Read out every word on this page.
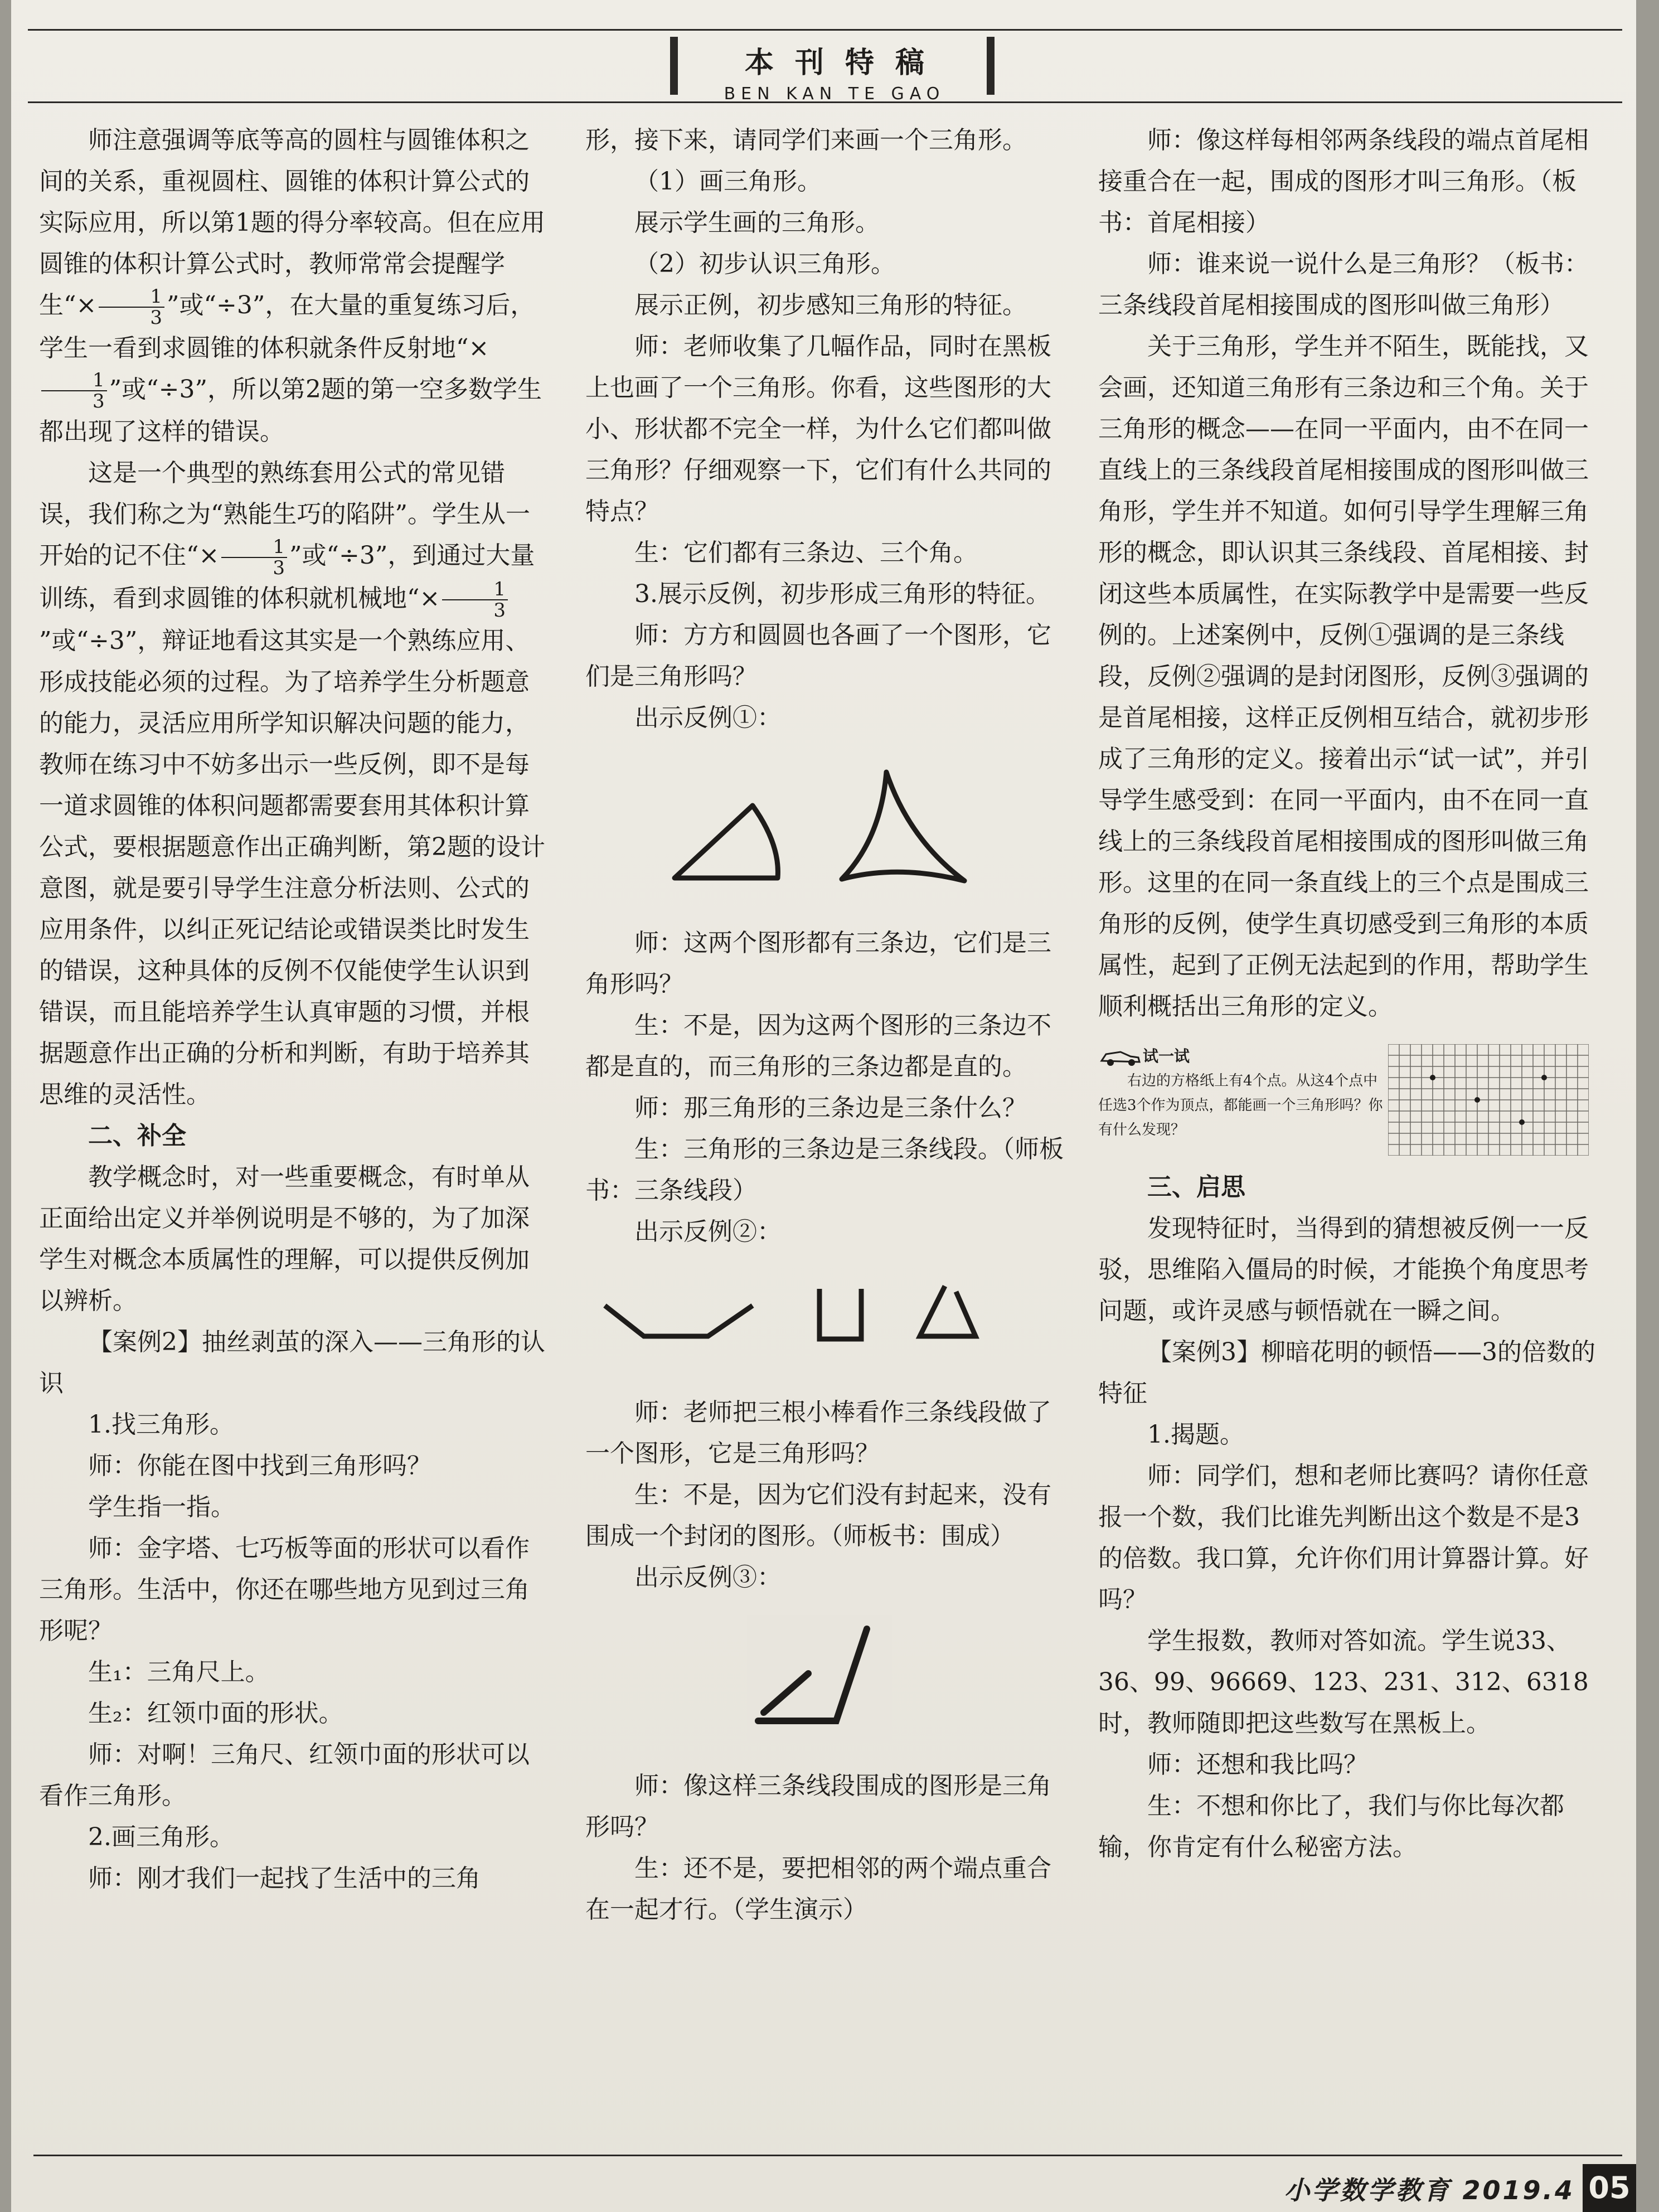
本刊特稿
BEN KAN TE GAO

师注意强调等底等高的圆柱与圆锥体积之间的关系，重视圆柱、圆锥的体积计算公式的实际应用，所以第1题的得分率较高。但在应用圆锥的体积计算公式时，教师常常会提醒学生“× $\frac{1}{3}$ ”或“÷3”，在大量的重复练习后，学生一看到求圆锥的体积就条件反射地“×
$\frac{1}{3}$ ”或“÷3”，所以第2题的第一空多数学生都出现了这样的错误。

这是一个典型的熟练套用公式的常见错误，我们称之为“熟能生巧的陷阱”。学生从一开始的记不住“× $\frac{1}{3}$ ”或“÷3”，到通过大量训练，看到求圆锥的体积就机械地“× $\frac{1}{3}$
”或“÷3”，辩证地看这其实是一个熟练应用、形成技能必须的过程。为了培养学生分析题意的能力，灵活应用所学知识解决问题的能力，教师在练习中不妨多出示一些反例，即不是每一道求圆锥的体积问题都需要套用其体积计算公式，要根据题意作出正确判断，第2题的设计意图，就是要引导学生注意分析法则、公式的应用条件，以纠正死记结论或错误类比时发生的错误，这种具体的反例不仅能使学生认识到错误，而且能培养学生认真审题的习惯，并根据题意作出正确的分析和判断，有助于培养其思维的灵活性。

二、补全

教学概念时，对一些重要概念，有时单从正面给出定义并举例说明是不够的，为了加深学生对概念本质属性的理解，可以提供反例加以辨析。

【案例2】抽丝剥茧的深入——三角形的认识

1.找三角形。

师：你能在图中找到三角形吗？

学生指一指。

师：金字塔、七巧板等面的形状可以看作三角形。生活中，你还在哪些地方见到过三角形呢？

生₁：三角尺上。

生₂：红领巾面的形状。

师：对啊！三角尺、红领巾面的形状可以看作三角形。

2.画三角形。

师：刚才我们一起找了生活中的三角

形，接下来，请同学们来画一个三角形。

（1）画三角形。

展示学生画的三角形。

（2）初步认识三角形。

展示正例，初步感知三角形的特征。

师：老师收集了几幅作品，同时在黑板上也画了一个三角形。你看，这些图形的大小、形状都不完全一样，为什么它们都叫做三角形？仔细观察一下，它们有什么共同的特点？

生：它们都有三条边、三个角。

3.展示反例，初步形成三角形的特征。

师：方方和圆圆也各画了一个图形，它们是三角形吗？

出示反例①：

师：这两个图形都有三条边，它们是三角形吗？

生：不是，因为这两个图形的三条边不都是直的，而三角形的三条边都是直的。

师：那三角形的三条边是三条什么？

生：三角形的三条边是三条线段。（师板书：三条线段）

出示反例②：

师：老师把三根小棒看作三条线段做了一个图形，它是三角形吗？

生：不是，因为它们没有封起来，没有围成一个封闭的图形。（师板书：围成）

出示反例③：

师：像这样三条线段围成的图形是三角形吗？

生：还不是，要把相邻的两个端点重合在一起才行。（学生演示）

师：像这样每相邻两条线段的端点首尾相接重合在一起，围成的图形才叫三角形。（板书：首尾相接）

师：谁来说一说什么是三角形？（板书：三条线段首尾相接围成的图形叫做三角形）

关于三角形，学生并不陌生，既能找，又会画，还知道三角形有三条边和三个角。关于三角形的概念——在同一平面内，由不在同一直线上的三条线段首尾相接围成的图形叫做三角形，学生并不知道。如何引导学生理解三角形的概念，即认识其三条线段、首尾相接、封闭这些本质属性，在实际教学中是需要一些反例的。上述案例中，反例①强调的是三条线段，反例②强调的是封闭图形，反例③强调的是首尾相接，这样正反例相互结合，就初步形成了三角形的定义。接着出示“试一试”，并引导学生感受到：在同一平面内，由不在同一直线上的三条线段首尾相接围成的图形叫做三角形。这里的在同一条直线上的三个点是围成三角形的反例，使学生真切感受到三角形的本质属性，起到了正例无法起到的作用，帮助学生顺利概括出三角形的定义。

试一试
右边的方格纸上有4个点。从这4个点中任选3个作为顶点，都能画一个三角形吗？你有什么发现？

三、启思

发现特征时，当得到的猜想被反例一一反驳，思维陷入僵局的时候，才能换个角度思考问题，或许灵感与顿悟就在一瞬之间。

【案例3】柳暗花明的顿悟——3的倍数的特征

1.揭题。

师：同学们，想和老师比赛吗？请你任意报一个数，我们比谁先判断出这个数是不是3的倍数。我口算，允许你们用计算器计算。好吗？

学生报数，教师对答如流。学生说33、36、99、96669、123、231、312、6318时，教师随即把这些数写在黑板上。

师：还想和我比吗？

生：不想和你比了，我们与你比每次都输，你肯定有什么秘密方法。

小学数学教育 2019.4 05
